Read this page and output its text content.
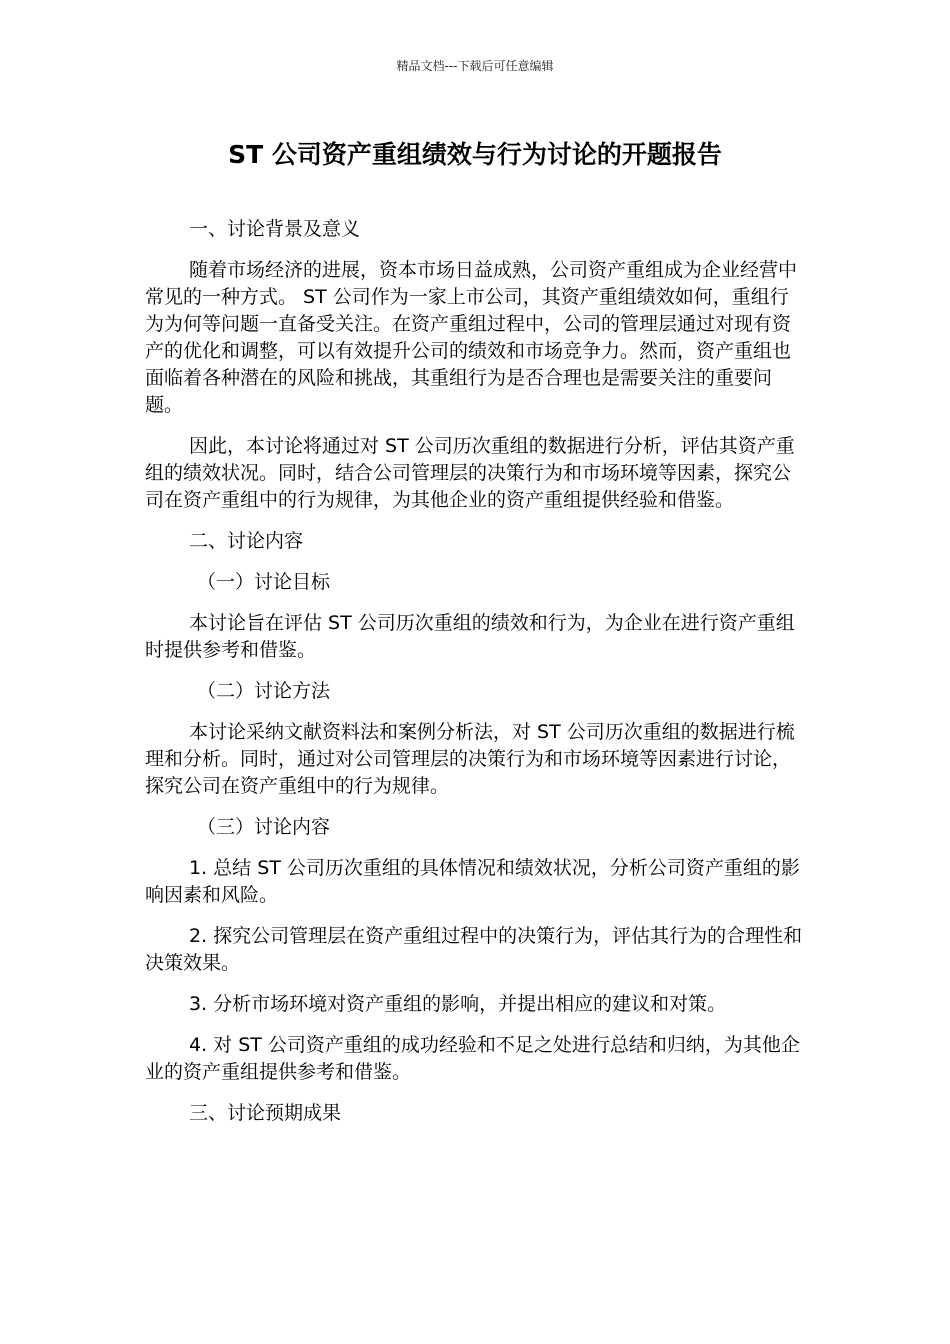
精品文档---下载后可任意编辑
ST 公司资产重组绩效与行为讨论的开题报告

一、讨论背景及意义

随着市场经济的进展，资本市场日益成熟，公司资产重组成为企业经营中常见的一种方式。 ST 公司作为一家上市公司，其资产重组绩效如何，重组行为为何等问题一直备受关注。在资产重组过程中，公司的管理层通过对现有资产的优化和调整，可以有效提升公司的绩效和市场竞争力。然而，资产重组也面临着各种潜在的风险和挑战，其重组行为是否合理也是需要关注的重要问题。

因此，本讨论将通过对 ST 公司历次重组的数据进行分析，评估其资产重组的绩效状况。同时，结合公司管理层的决策行为和市场环境等因素，探究公司在资产重组中的行为规律，为其他企业的资产重组提供经验和借鉴。

二、讨论内容

（一）讨论目标

本讨论旨在评估 ST 公司历次重组的绩效和行为，为企业在进行资产重组时提供参考和借鉴。

（二）讨论方法

本讨论采纳文献资料法和案例分析法，对 ST 公司历次重组的数据进行梳理和分析。同时，通过对公司管理层的决策行为和市场环境等因素进行讨论，探究公司在资产重组中的行为规律。

（三）讨论内容

1. 总结 ST 公司历次重组的具体情况和绩效状况，分析公司资产重组的影响因素和风险。

2. 探究公司管理层在资产重组过程中的决策行为，评估其行为的合理性和决策效果。

3. 分析市场环境对资产重组的影响，并提出相应的建议和对策。

4. 对 ST 公司资产重组的成功经验和不足之处进行总结和归纳，为其他企业的资产重组提供参考和借鉴。

三、讨论预期成果
